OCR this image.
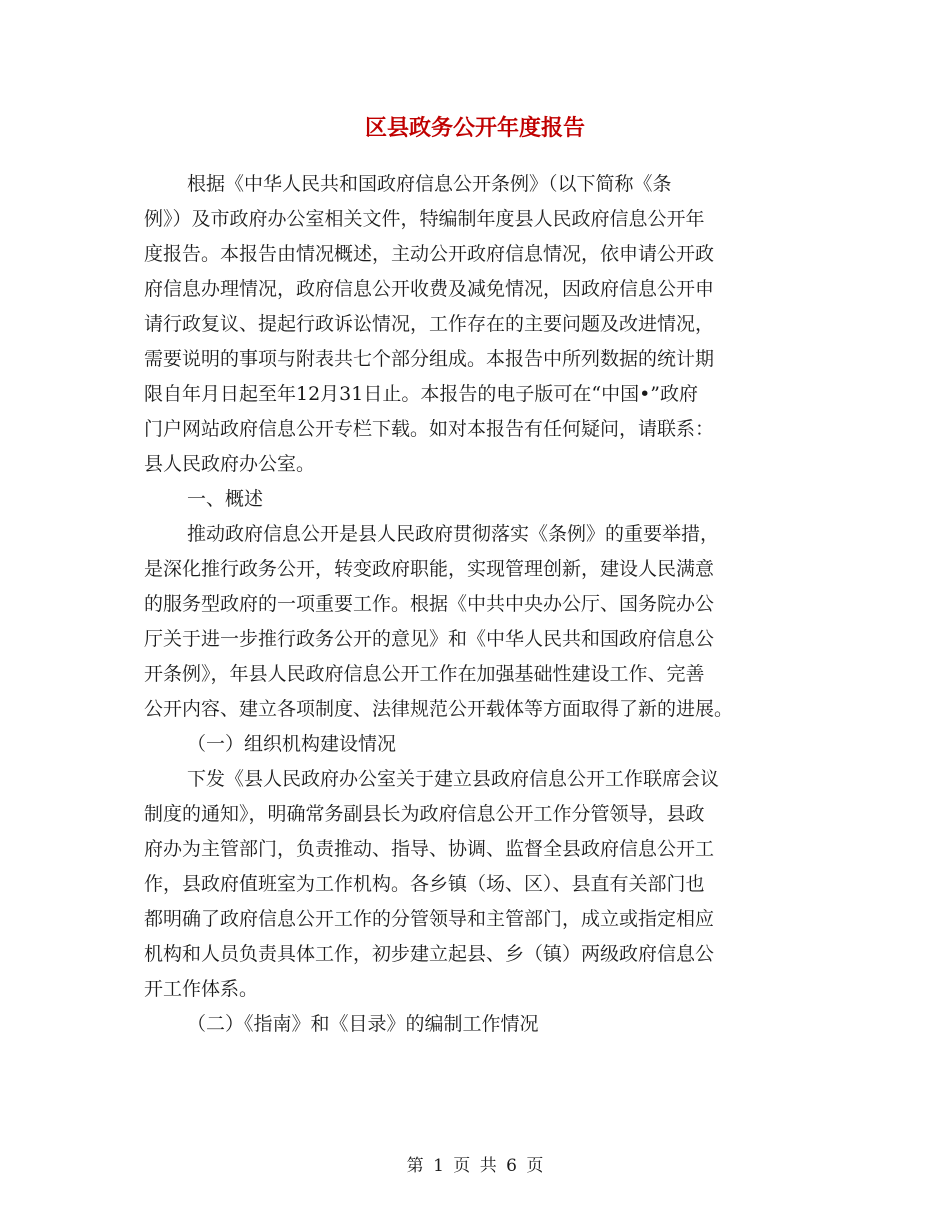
区县政务公开年度报告
根据《中华人民共和国政府信息公开条例》（以下简称《条
例》）及市政府办公室相关文件，特编制年度县人民政府信息公开年
度报告。本报告由情况概述，主动公开政府信息情况，依申请公开政
府信息办理情况，政府信息公开收费及减免情况，因政府信息公开申
请行政复议、提起行政诉讼情况，工作存在的主要问题及改进情况，
需要说明的事项与附表共七个部分组成。本报告中所列数据的统计期
限自年月日起至年12月31日止。本报告的电子版可在“中国•”政府
门户网站政府信息公开专栏下载。如对本报告有任何疑问，请联系：
县人民政府办公室。
一、概述
推动政府信息公开是县人民政府贯彻落实《条例》的重要举措，
是深化推行政务公开，转变政府职能，实现管理创新，建设人民满意
的服务型政府的一项重要工作。根据《中共中央办公厅、国务院办公
厅关于进一步推行政务公开的意见》和《中华人民共和国政府信息公
开条例》，年县人民政府信息公开工作在加强基础性建设工作、完善
公开内容、建立各项制度、法律规范公开载体等方面取得了新的进展。
（一）组织机构建设情况
下发《县人民政府办公室关于建立县政府信息公开工作联席会议
制度的通知》，明确常务副县长为政府信息公开工作分管领导，县政
府办为主管部门，负责推动、指导、协调、监督全县政府信息公开工
作，县政府值班室为工作机构。各乡镇（场、区）、县直有关部门也
都明确了政府信息公开工作的分管领导和主管部门，成立或指定相应
机构和人员负责具体工作，初步建立起县、乡（镇）两级政府信息公
开工作体系。
（二）《指南》和《目录》的编制工作情况
第 1 页 共 6 页
